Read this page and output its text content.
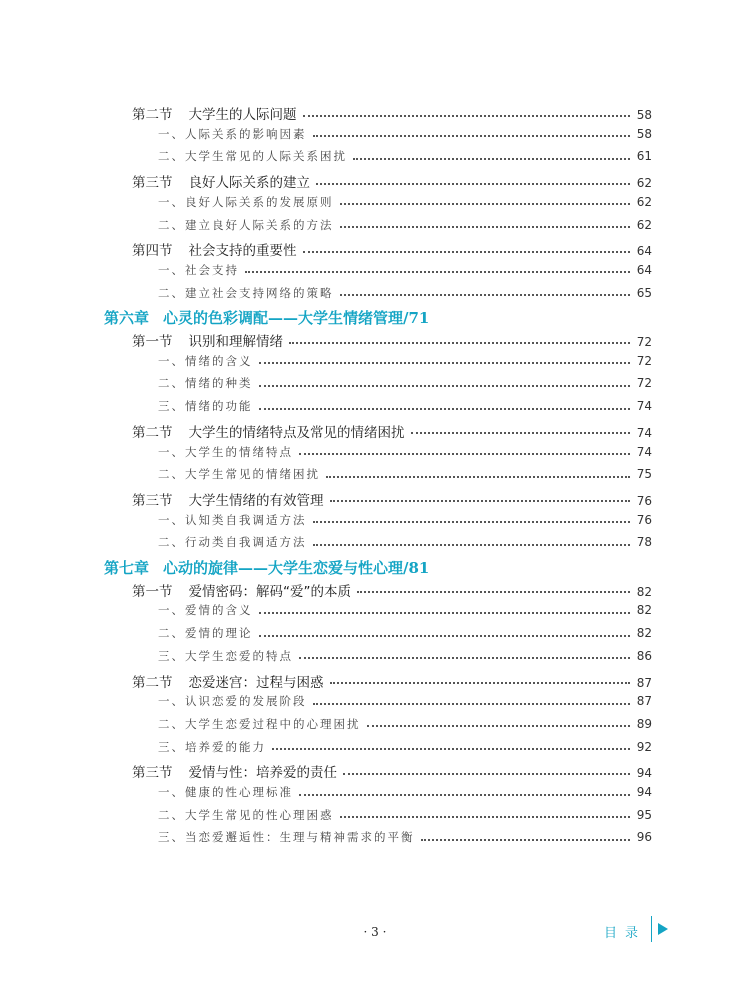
第二节 大学生的人际问题	58
一、人际关系的影响因素	58
二、大学生常见的人际关系困扰	61
第三节 良好人际关系的建立	62
一、良好人际关系的发展原则	62
二、建立良好人际关系的方法	62
第四节 社会支持的重要性	64
一、社会支持	64
二、建立社会支持网络的策略	65
第六章 心灵的色彩调配——大学生情绪管理/71
第一节 识别和理解情绪	72
一、情绪的含义	72
二、情绪的种类	72
三、情绪的功能	74
第二节 大学生的情绪特点及常见的情绪困扰	74
一、大学生的情绪特点	74
二、大学生常见的情绪困扰	75
第三节 大学生情绪的有效管理	76
一、认知类自我调适方法	76
二、行动类自我调适方法	78
第七章 心动的旋律——大学生恋爱与性心理/81
第一节 爱情密码：解码“爱”的本质	82
一、爱情的含义	82
二、爱情的理论	82
三、大学生恋爱的特点	86
第二节 恋爱迷宫：过程与困惑	87
一、认识恋爱的发展阶段	87
二、大学生恋爱过程中的心理困扰	89
三、培养爱的能力	92
第三节 爱情与性：培养爱的责任	94
一、健康的性心理标准	94
二、大学生常见的性心理困惑	95
三、当恋爱邂逅性：生理与精神需求的平衡	96
· 3 ·	目录
